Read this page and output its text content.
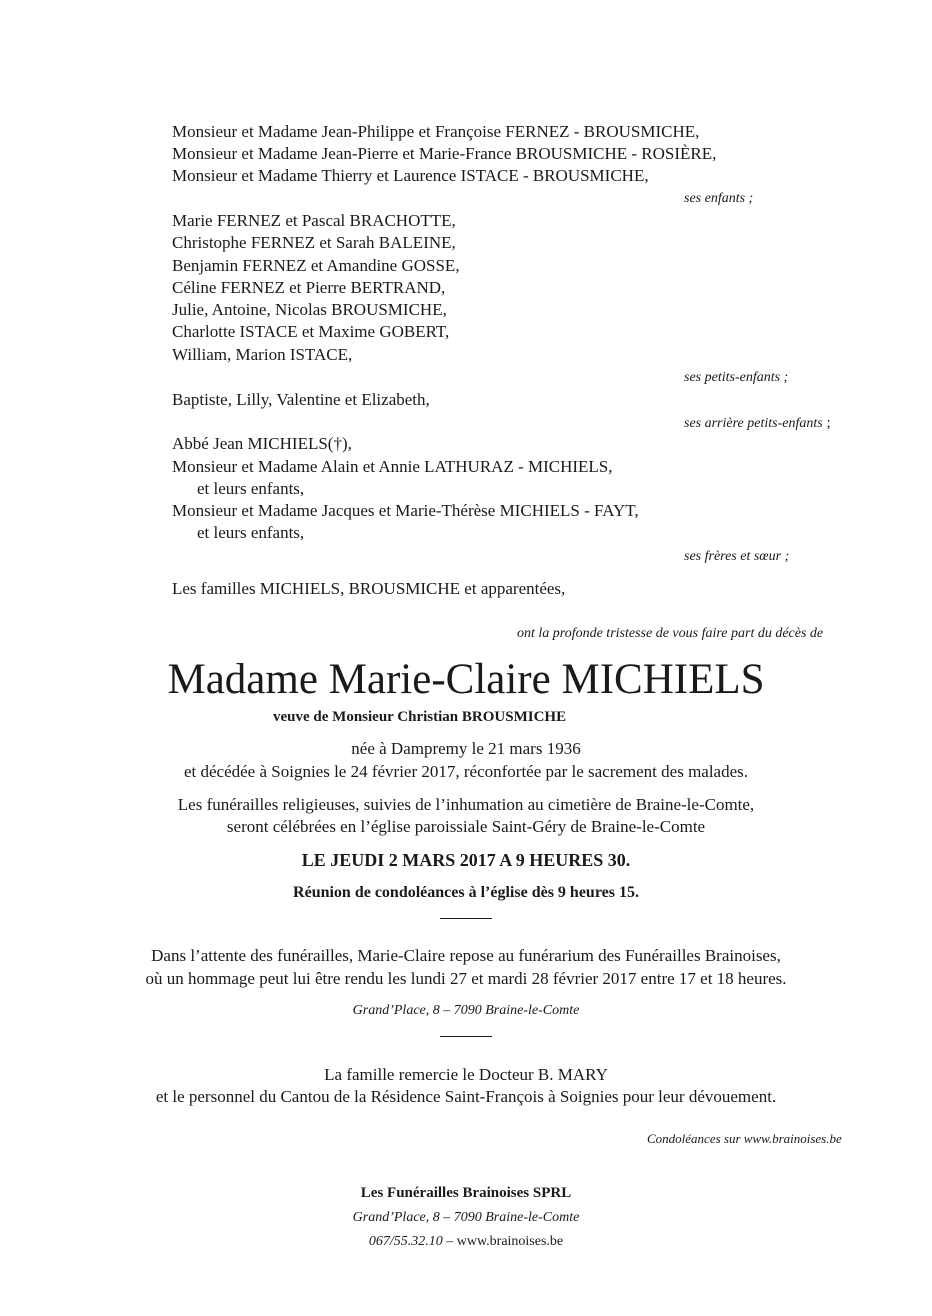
Monsieur et Madame Jean-Philippe et Françoise FERNEZ - BROUSMICHE,
Monsieur et Madame Jean-Pierre et Marie-France BROUSMICHE - ROSIÈRE,
Monsieur et Madame Thierry et Laurence ISTACE - BROUSMICHE,
ses enfants ;
Marie FERNEZ et Pascal BRACHOTTE,
Christophe FERNEZ et Sarah BALEINE,
Benjamin FERNEZ et Amandine GOSSE,
Céline FERNEZ et Pierre BERTRAND,
Julie, Antoine, Nicolas BROUSMICHE,
Charlotte ISTACE et Maxime GOBERT,
William, Marion ISTACE,
ses petits-enfants ;
Baptiste, Lilly, Valentine et Elizabeth,
ses arrière petits-enfants ;
Abbé Jean MICHIELS(†),
Monsieur et Madame Alain et Annie LATHURAZ - MICHIELS,
et leurs enfants,
Monsieur et Madame Jacques et Marie-Thérèse MICHIELS - FAYT,
et leurs enfants,
ses frères et sœur ;
Les familles MICHIELS, BROUSMICHE et apparentées,
ont la profonde tristesse de vous faire part du décès de
Madame Marie-Claire MICHIELS
veuve de Monsieur Christian BROUSMICHE
née à Dampremy le 21 mars 1936
et décédée à Soignies le 24 février 2017, réconfortée par le sacrement des malades.
Les funérailles religieuses, suivies de l’inhumation au cimetière de Braine-le-Comte,
seront célébrées en l’église paroissiale Saint-Géry de Braine-le-Comte
LE JEUDI 2 MARS 2017 A 9 HEURES 30.
Réunion de condoléances à l’église dès 9 heures 15.
Dans l’attente des funérailles, Marie-Claire repose au funérarium des Funérailles Brainoises,
où un hommage peut lui être rendu les lundi 27 et mardi 28 février 2017 entre 17 et 18 heures.
Grand’Place, 8 – 7090 Braine-le-Comte
La famille remercie le Docteur B. MARY
et le personnel du Cantou de la Résidence Saint-François à Soignies pour leur dévouement.
Condoléances sur www.brainoises.be
Les Funérailles Brainoises SPRL
Grand’Place, 8 – 7090 Braine-le-Comte
067/55.32.10 – www.brainoises.be
